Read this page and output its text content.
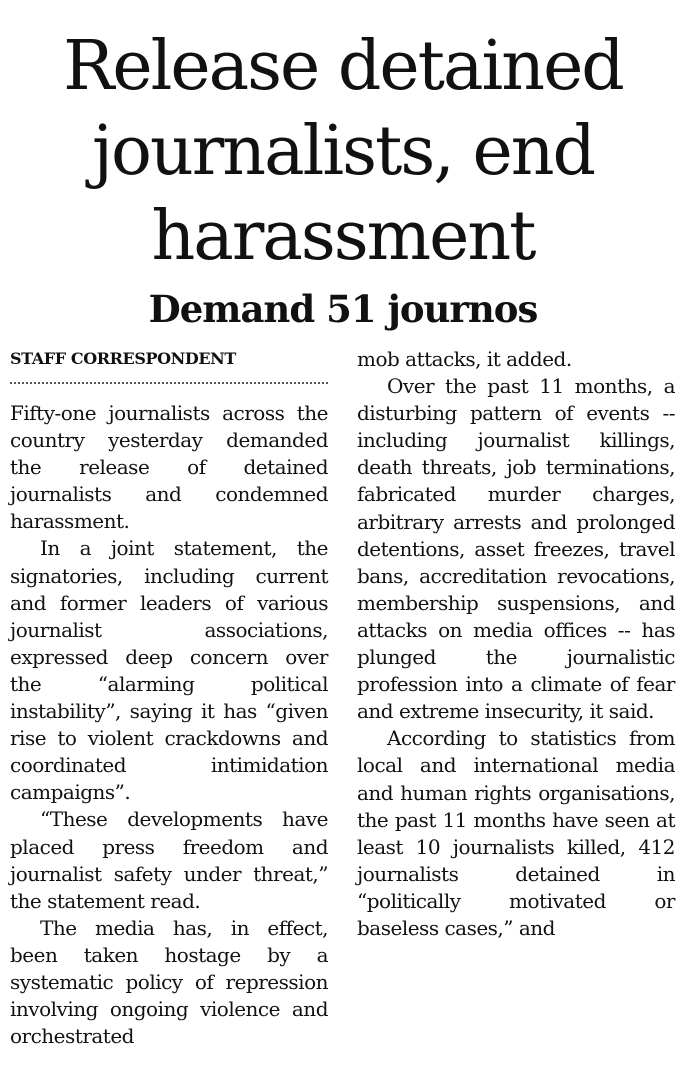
Release detained journalists, end harassment
Demand 51 journos
STAFF CORRESPONDENT

Fifty-one journalists across the country yesterday demanded the release of detained journalists and condemned harassment.

In a joint statement, the signatories, including current and former leaders of various journalist associations, expressed deep concern over the “alarming political instability”, saying it has “given rise to violent crackdowns and coordinated intimidation campaigns”.

“These developments have placed press freedom and journalist safety under threat,” the statement read.

The media has, in effect, been taken hostage by a systematic policy of repression involving ongoing violence and orchestrated

mob attacks, it added.

Over the past 11 months, a disturbing pattern of events -- including journalist killings, death threats, job terminations, fabricated murder charges, arbitrary arrests and prolonged detentions, asset freezes, travel bans, accreditation revocations, membership suspensions, and attacks on media offices -- has plunged the journalistic profession into a climate of fear and extreme insecurity, it said.

According to statistics from local and international media and human rights organisations, the past 11 months have seen at least 10 journalists killed, 412 journalists detained in “politically motivated or baseless cases,” and
